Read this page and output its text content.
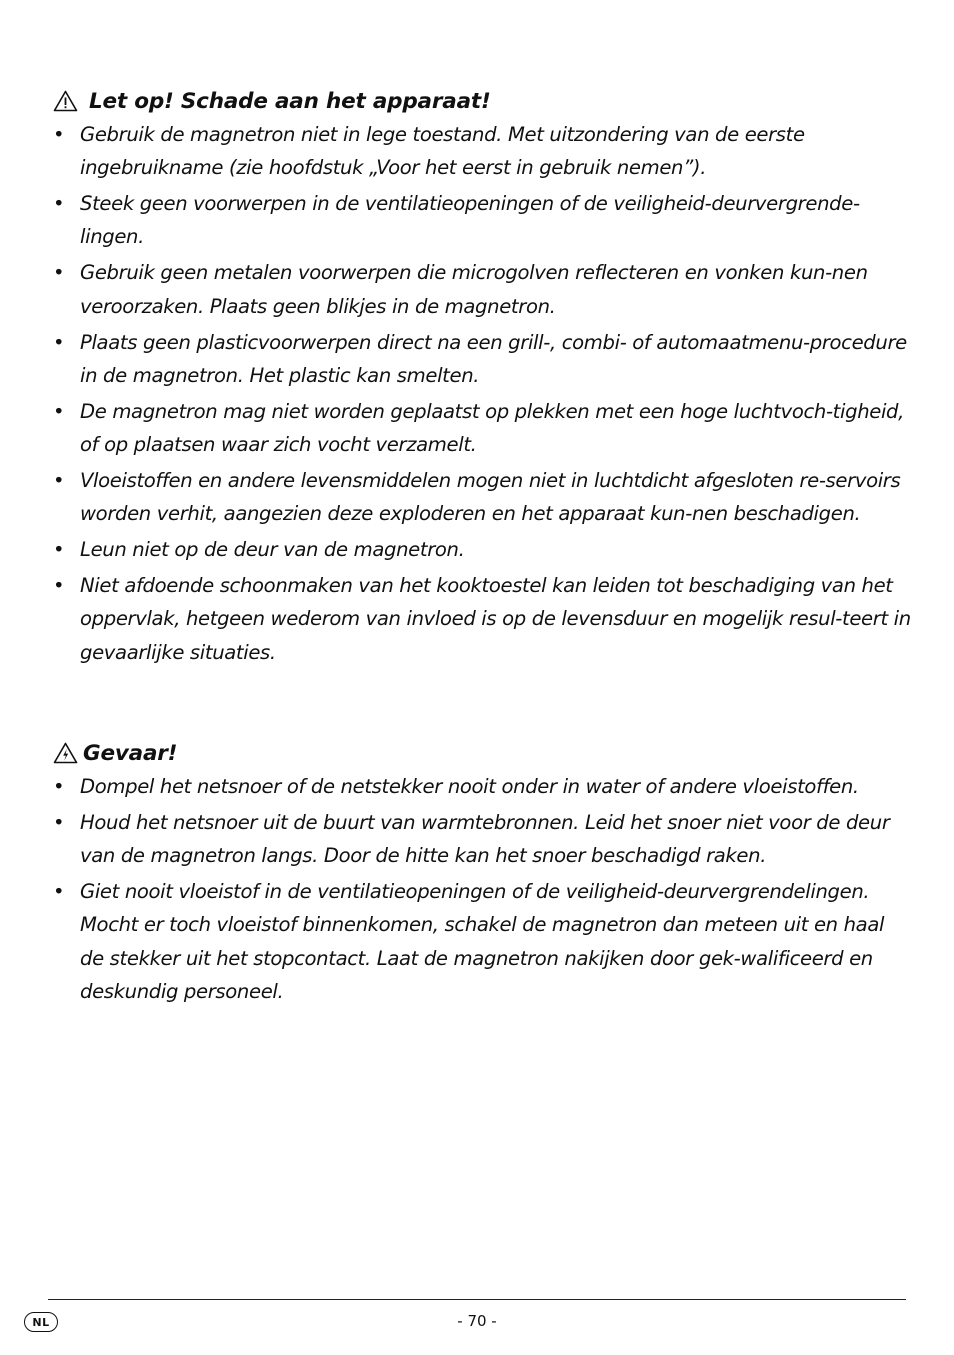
Let op! Schade aan het apparaat!
• Gebruik de magnetron niet in lege toestand. Met uitzondering van de eerste ingebruikname (zie hoofdstuk „Voor het eerst in gebruik nemen”).
• Steek geen voorwerpen in de ventilatieopeningen of de veiligheid-deurvergrende-lingen.
• Gebruik geen metalen voorwerpen die microgolven reflecteren en vonken kun-nen veroorzaken. Plaats geen blikjes in de magnetron.
• Plaats geen plasticvoorwerpen direct na een grill-, combi- of automaatmenu-procedure in de magnetron. Het plastic kan smelten.
• De magnetron mag niet worden geplaatst op plekken met een hoge luchtvoch-tigheid, of op plaatsen waar zich vocht verzamelt.
• Vloeistoffen en andere levensmiddelen mogen niet in luchtdicht afgesloten re-servoirs worden verhit, aangezien deze exploderen en het apparaat kun-nen beschadigen.
• Leun niet op de deur van de magnetron.
• Niet afdoende schoonmaken van het kooktoestel kan leiden tot beschadiging van het oppervlak, hetgeen wederom van invloed is op de levensduur en mogelijk resul-teert in gevaarlijke situaties.
Gevaar!
• Dompel het netsnoer of de netstekker nooit onder in water of andere vloeistoffen.
• Houd het netsnoer uit de buurt van warmtebronnen. Leid het snoer niet voor de deur van de magnetron langs. Door de hitte kan het snoer beschadigd raken.
• Giet nooit vloeistof in de ventilatieopeningen of de veiligheid-deurvergrendelingen. Mocht er toch vloeistof binnenkomen, schakel de magnetron dan meteen uit en haal de stekker uit het stopcontact. Laat de magnetron nakijken door gek-walificeerd en deskundig personeel.
NL	- 70 -
